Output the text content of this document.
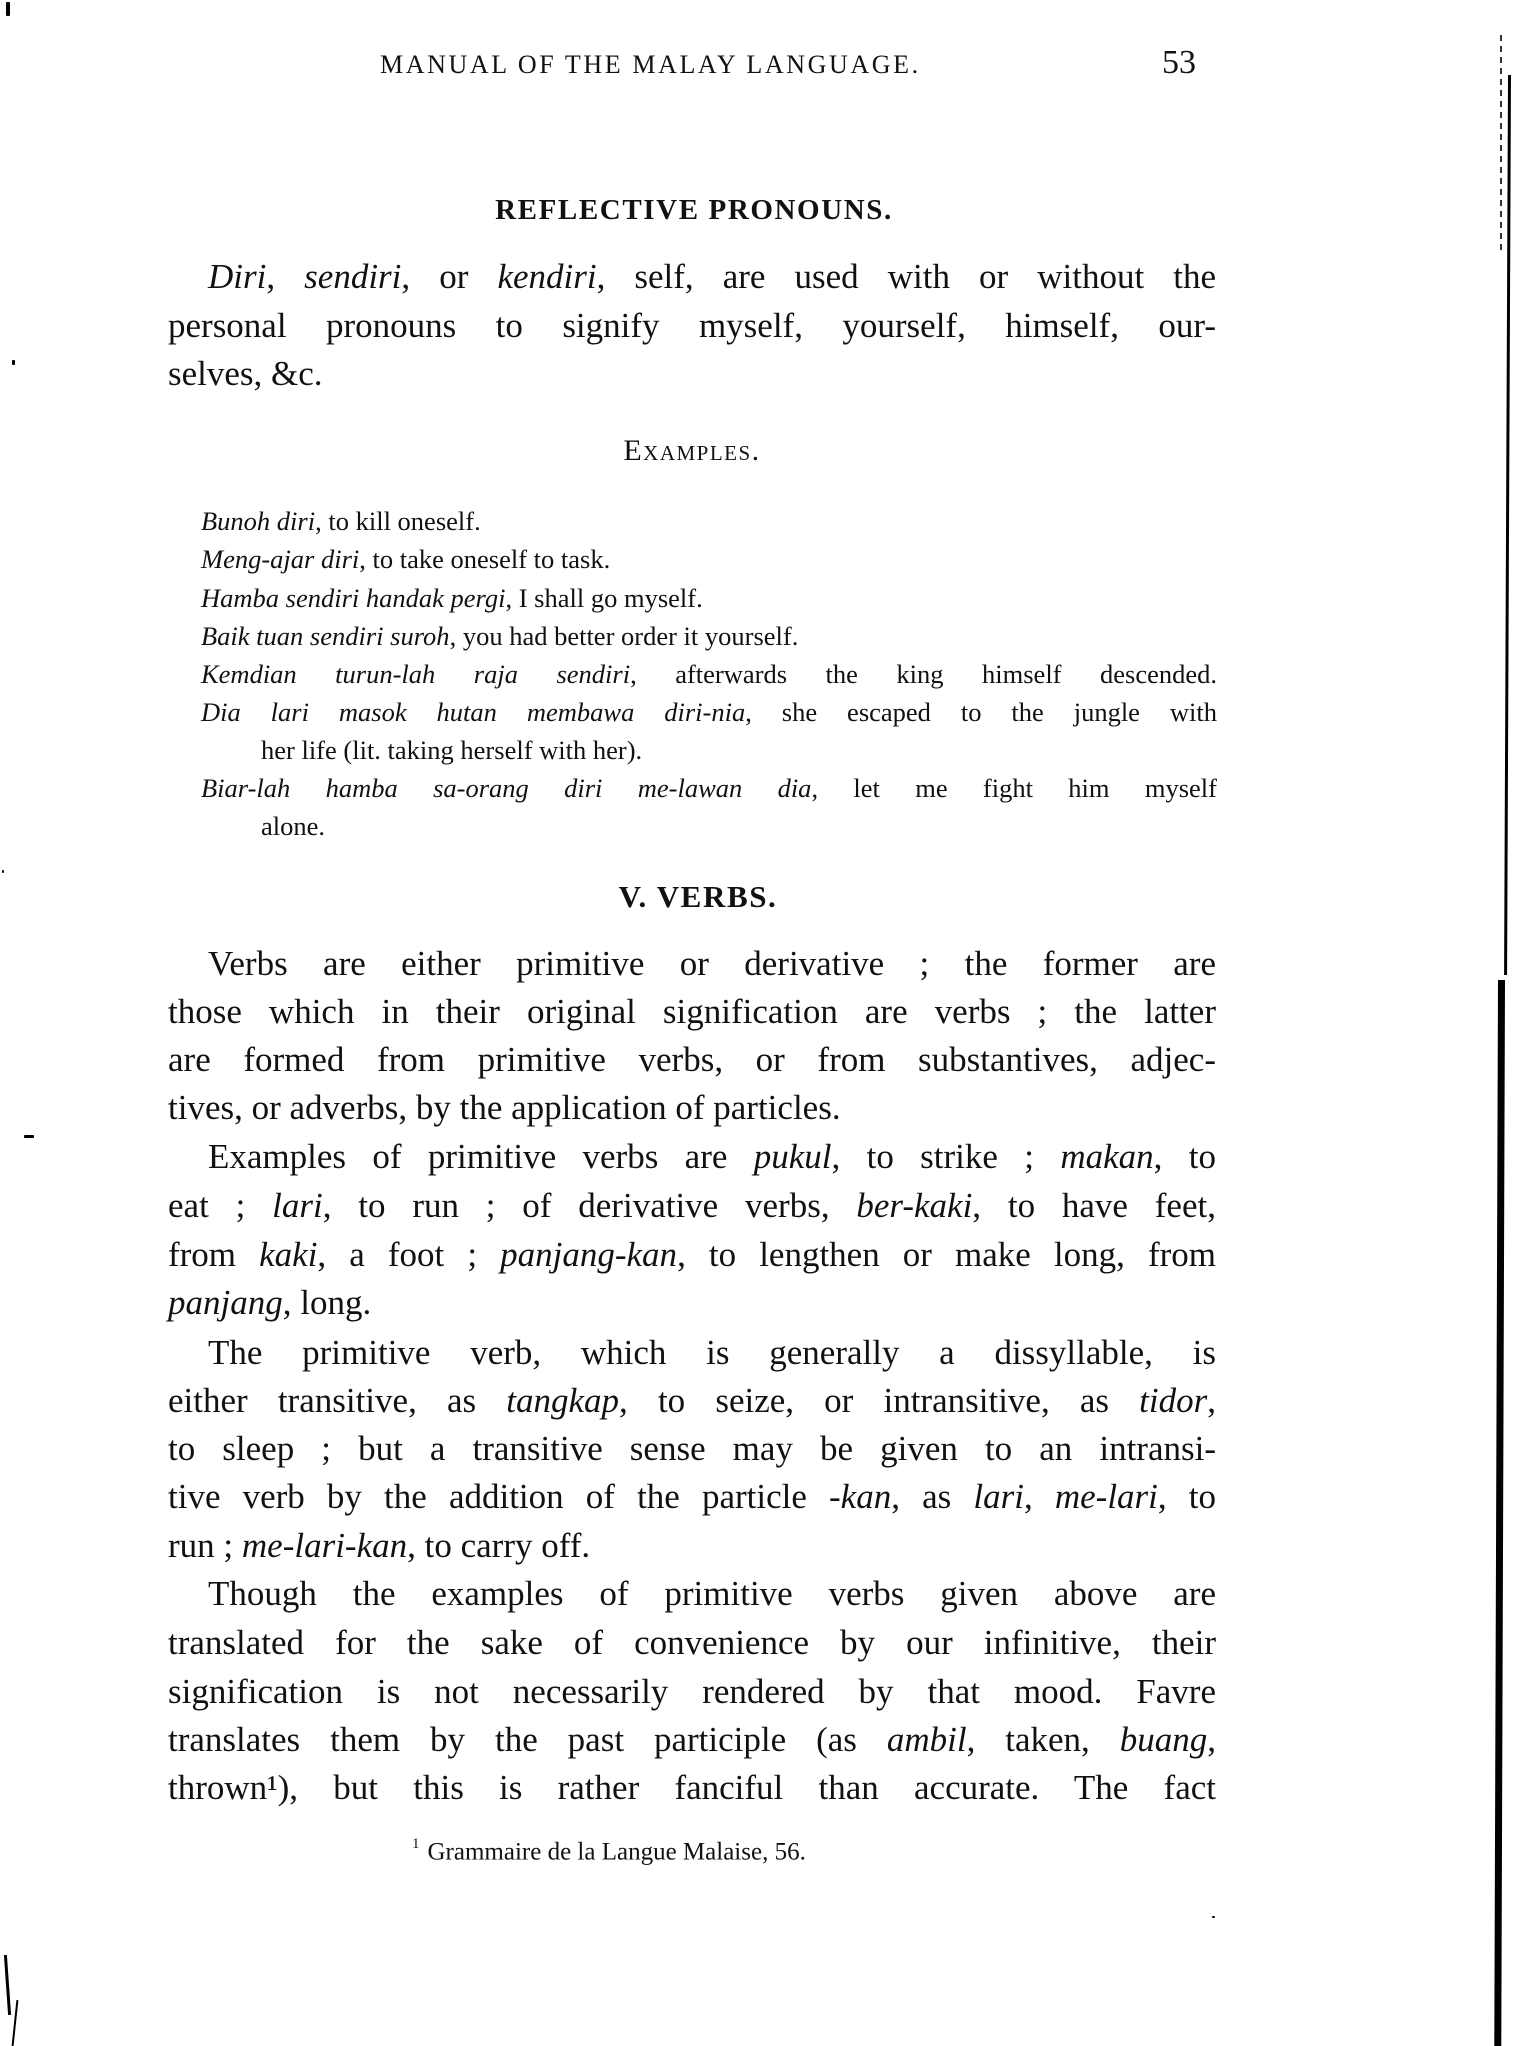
MANUAL OF THE MALAY LANGUAGE.	53
REFLECTIVE PRONOUNS.
Diri, sendiri, or kendiri, self, are used with or without the
personal pronouns to signify myself, yourself, himself, our-
selves, &c.
Examples.
Bunoh diri, to kill oneself.
Meng-ajar diri, to take oneself to task.
Hamba sendiri handak pergi, I shall go myself.
Baik tuan sendiri suroh, you had better order it yourself.
Kemdian turun-lah raja sendiri, afterwards the king himself descended.
Dia lari masok hutan membawa diri-nia, she escaped to the jungle with
her life (lit. taking herself with her).
Biar-lah hamba sa-orang diri me-lawan dia, let me fight him myself
alone.
V. VERBS.
Verbs are either primitive or derivative ; the former are
those which in their original signification are verbs ; the latter
are formed from primitive verbs, or from substantives, adjec-
tives, or adverbs, by the application of particles.
Examples of primitive verbs are pukul, to strike ; makan, to
eat ; lari, to run ; of derivative verbs, ber-kaki, to have feet,
from kaki, a foot ; panjang-kan, to lengthen or make long, from
panjang, long.
The primitive verb, which is generally a dissyllable, is
either transitive, as tangkap, to seize, or intransitive, as tidor,
to sleep ; but a transitive sense may be given to an intransi-
tive verb by the addition of the particle -kan, as lari, me-lari, to
run ; me-lari-kan, to carry off.
Though the examples of primitive verbs given above are
translated for the sake of convenience by our infinitive, their
signification is not necessarily rendered by that mood. Favre
translates them by the past participle (as ambil, taken, buang,
thrown¹), but this is rather fanciful than accurate. The fact
$^1$ Grammaire de la Langue Malaise, 56.
